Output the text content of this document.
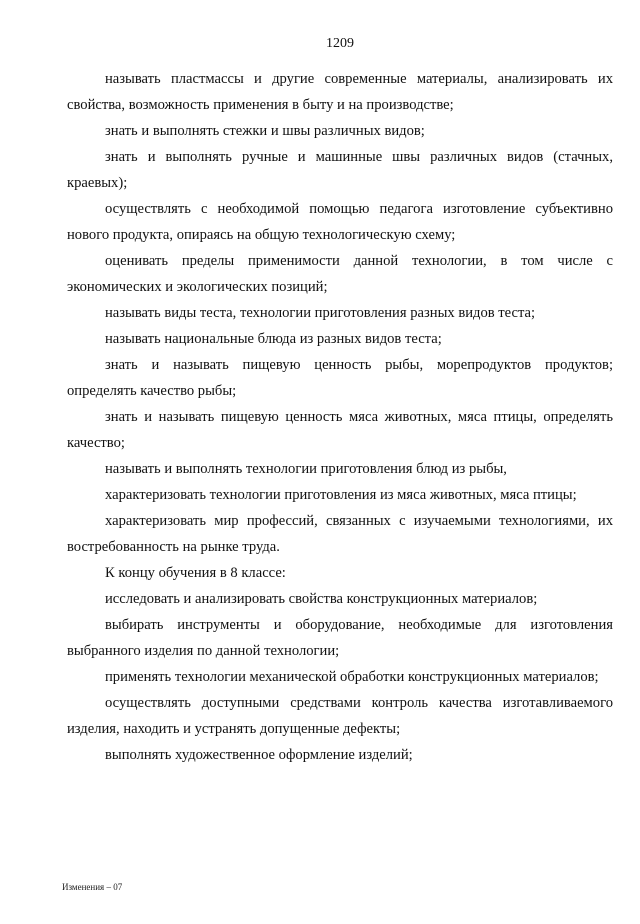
1209

называть пластмассы и другие современные материалы, анализировать их свойства, возможность применения в быту и на производстве;

знать и выполнять стежки и швы различных видов;

знать и выполнять ручные и машинные швы различных видов (стачных, краевых);

осуществлять с необходимой помощью педагога изготовление субъективно нового продукта, опираясь на общую технологическую схему;

оценивать пределы применимости данной технологии, в том числе с экономических и экологических позиций;

называть виды теста, технологии приготовления разных видов теста;

называть национальные блюда из разных видов теста;

знать и называть пищевую ценность рыбы, морепродуктов продуктов; определять качество рыбы;

знать и называть пищевую ценность мяса животных, мяса птицы, определять качество;

называть и выполнять технологии приготовления блюд из рыбы,

характеризовать технологии приготовления из мяса животных, мяса птицы;

характеризовать мир профессий, связанных с изучаемыми технологиями, их востребованность на рынке труда.

К концу обучения в 8 классе:

исследовать и анализировать свойства конструкционных материалов;

выбирать инструменты и оборудование, необходимые для изготовления выбранного изделия по данной технологии;

применять технологии механической обработки конструкционных материалов;

осуществлять доступными средствами контроль качества изготавливаемого изделия, находить и устранять допущенные дефекты;

выполнять художественное оформление изделий;

Изменения – 07
